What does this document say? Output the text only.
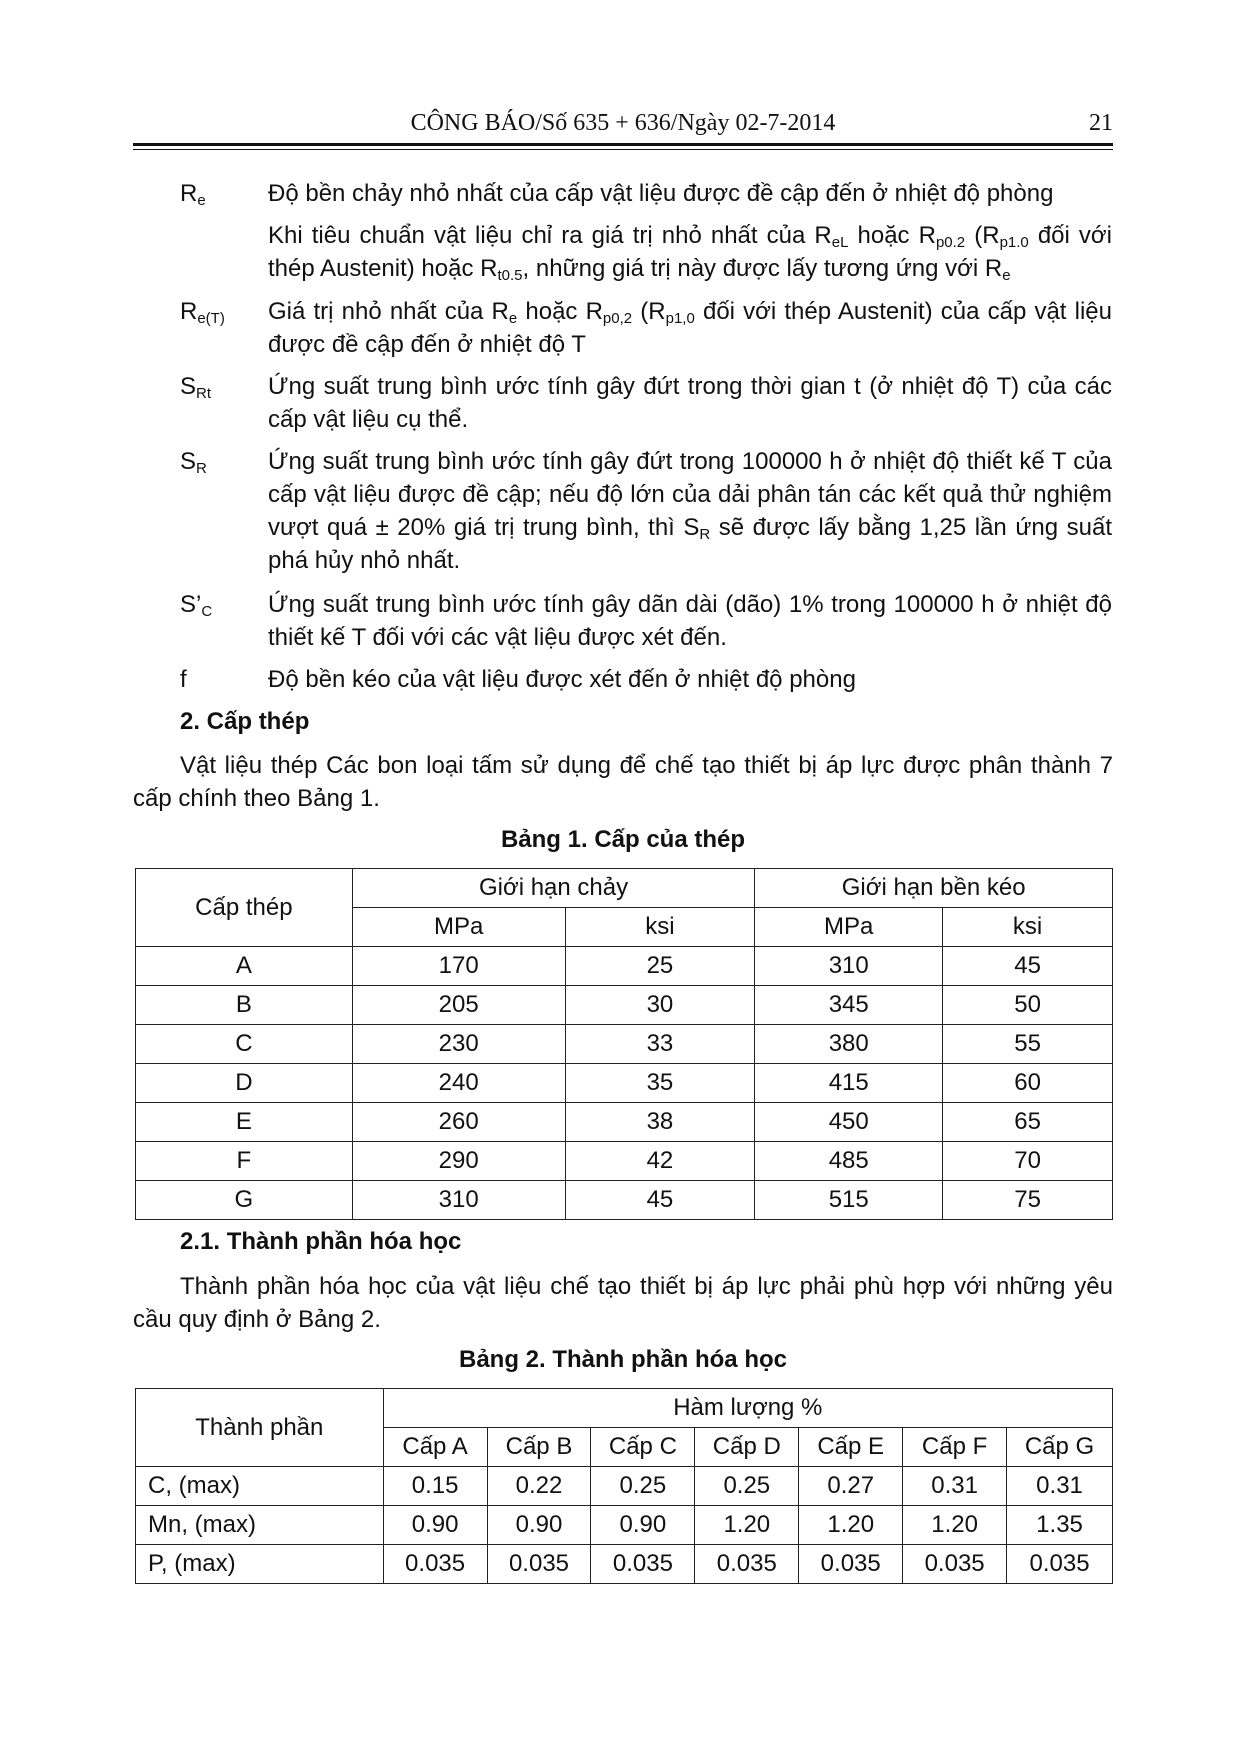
CÔNG BÁO/Số 635 + 636/Ngày 02-7-2014	21
$R_e$	Độ bền chảy nhỏ nhất của cấp vật liệu được đề cập đến ở nhiệt độ phòng
Khi tiêu chuẩn vật liệu chỉ ra giá trị nhỏ nhất của $R_{eL}$ hoặc $R_{p0.2}$ ($R_{p1.0}$ đối với thép Austenit) hoặc $R_{t0.5}$, những giá trị này được lấy tương ứng với $R_e$
$R_{e(T)}$	Giá trị nhỏ nhất của $R_e$ hoặc $R_{p0,2}$ ($R_{p1,0}$ đối với thép Austenit) của cấp vật liệu được đề cập đến ở nhiệt độ T
$S_{Rt}$	Ứng suất trung bình ước tính gây đứt trong thời gian t (ở nhiệt độ T) của các cấp vật liệu cụ thể.
$S_R$	Ứng suất trung bình ước tính gây đứt trong 100000 h ở nhiệt độ thiết kế T của cấp vật liệu được đề cập; nếu độ lớn của dải phân tán các kết quả thử nghiệm vượt quá ± 20% giá trị trung bình, thì $S_R$ sẽ được lấy bằng 1,25 lần ứng suất phá hủy nhỏ nhất.
$S’_C$	Ứng suất trung bình ước tính gây dãn dài (dão) 1% trong 100000 h ở nhiệt độ thiết kế T đối với các vật liệu được xét đến.
f	Độ bền kéo của vật liệu được xét đến ở nhiệt độ phòng
2. Cấp thép
Vật liệu thép Các bon loại tấm sử dụng để chế tạo thiết bị áp lực được phân thành 7 cấp chính theo Bảng 1.
Bảng 1. Cấp của thép
Cấp thép	Giới hạn chảy		Giới hạn bền kéo	
	MPa	ksi	MPa	ksi
A	170	25	310	45
B	205	30	345	50
C	230	33	380	55
D	240	35	415	60
E	260	38	450	65
F	290	42	485	70
G	310	45	515	75
2.1. Thành phần hóa học
Thành phần hóa học của vật liệu chế tạo thiết bị áp lực phải phù hợp với những yêu cầu quy định ở Bảng 2.
Bảng 2. Thành phần hóa học
Thành phần	Hàm lượng %						
	Cấp A	Cấp B	Cấp C	Cấp D	Cấp E	Cấp F	Cấp G
C, (max)	0.15	0.22	0.25	0.25	0.27	0.31	0.31
Mn, (max)	0.90	0.90	0.90	1.20	1.20	1.20	1.35
P, (max)	0.035	0.035	0.035	0.035	0.035	0.035	0.035
